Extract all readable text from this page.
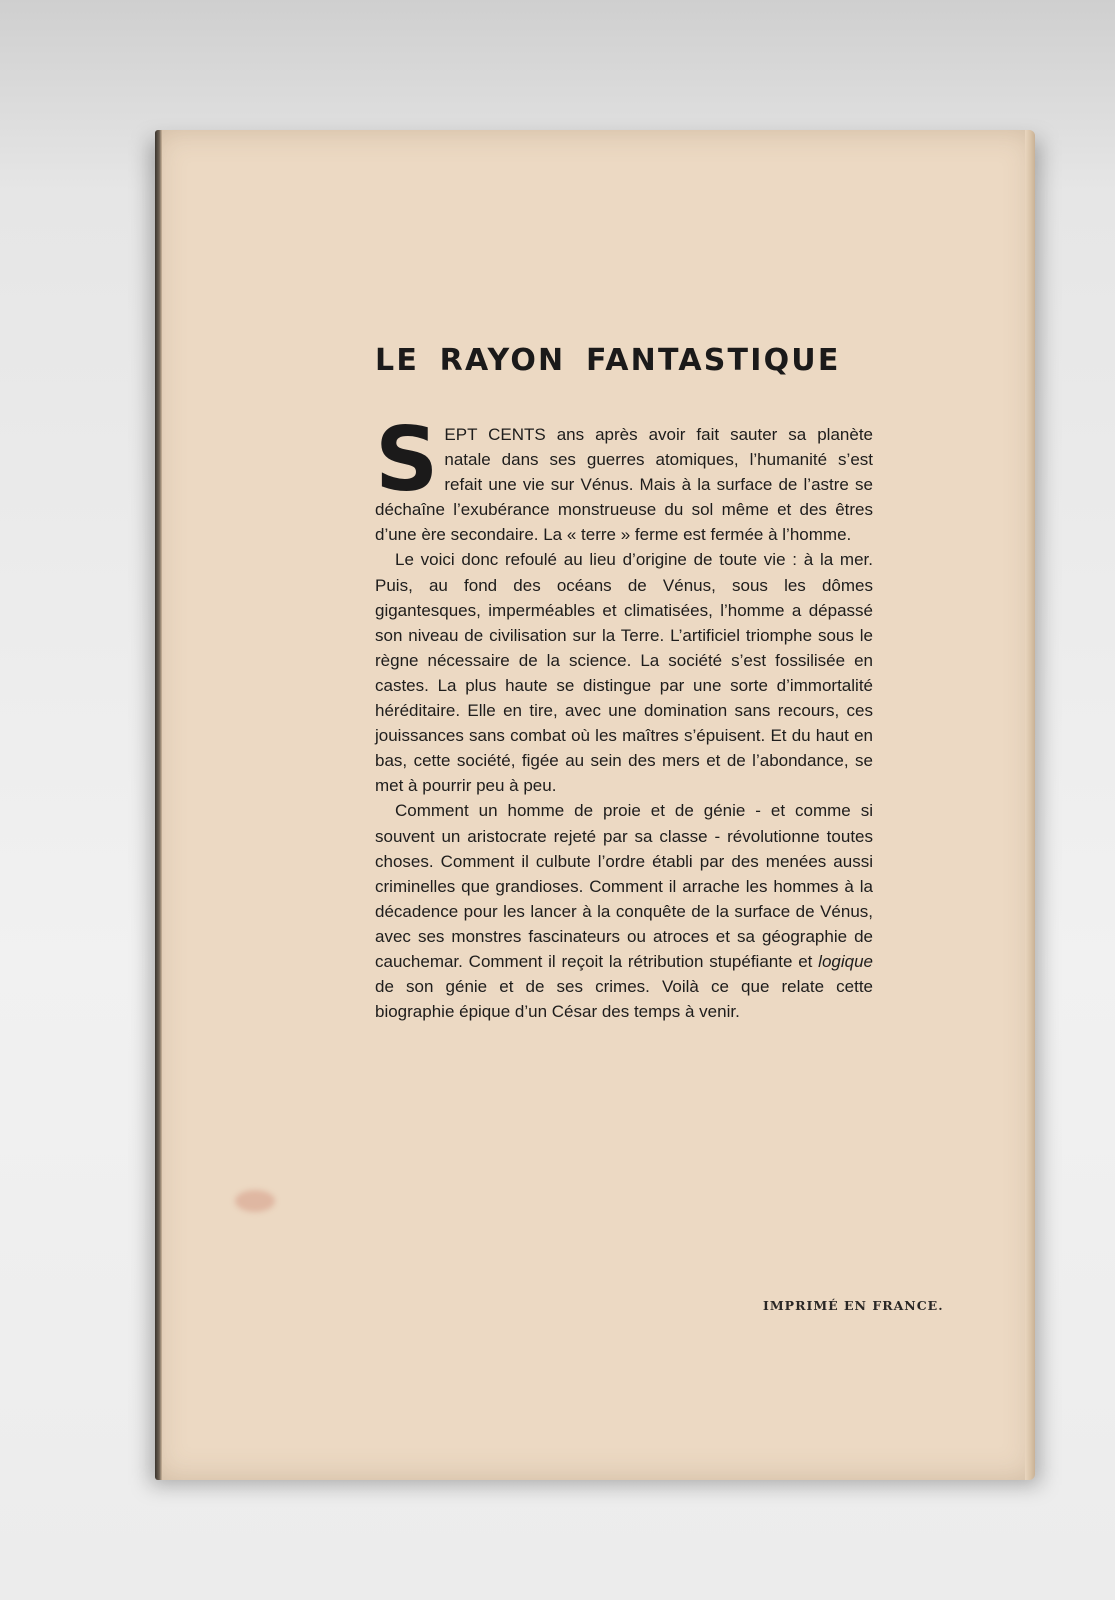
LE RAYON FANTASTIQUE

SEPT CENTS ans après avoir fait sauter sa planète natale dans ses guerres atomiques, l’humanité s’est refait une vie sur Vénus. Mais à la surface de l’astre se déchaîne l’exubérance monstrueuse du sol même et des êtres d’une ère secondaire. La « terre » ferme est fermée à l’homme.

Le voici donc refoulé au lieu d’origine de toute vie : à la mer. Puis, au fond des océans de Vénus, sous les dômes gigantesques, imperméables et climatisées, l’homme a dépassé son niveau de civilisation sur la Terre. L’artificiel triomphe sous le règne nécessaire de la science. La société s’est fossilisée en castes. La plus haute se distingue par une sorte d’immortalité héréditaire. Elle en tire, avec une domination sans recours, ces jouissances sans combat où les maîtres s’épuisent. Et du haut en bas, cette société, figée au sein des mers et de l’abondance, se met à pourrir peu à peu.

Comment un homme de proie et de génie - et comme si souvent un aristocrate rejeté par sa classe - révolutionne toutes choses. Comment il culbute l’ordre établi par des menées aussi criminelles que grandioses. Comment il arrache les hommes à la décadence pour les lancer à la conquête de la surface de Vénus, avec ses monstres fascinateurs ou atroces et sa géographie de cauchemar. Comment il reçoit la rétribution stupéfiante et logique de son génie et de ses crimes. Voilà ce que relate cette biographie épique d’un César des temps à venir.

IMPRIMÉ EN FRANCE.
